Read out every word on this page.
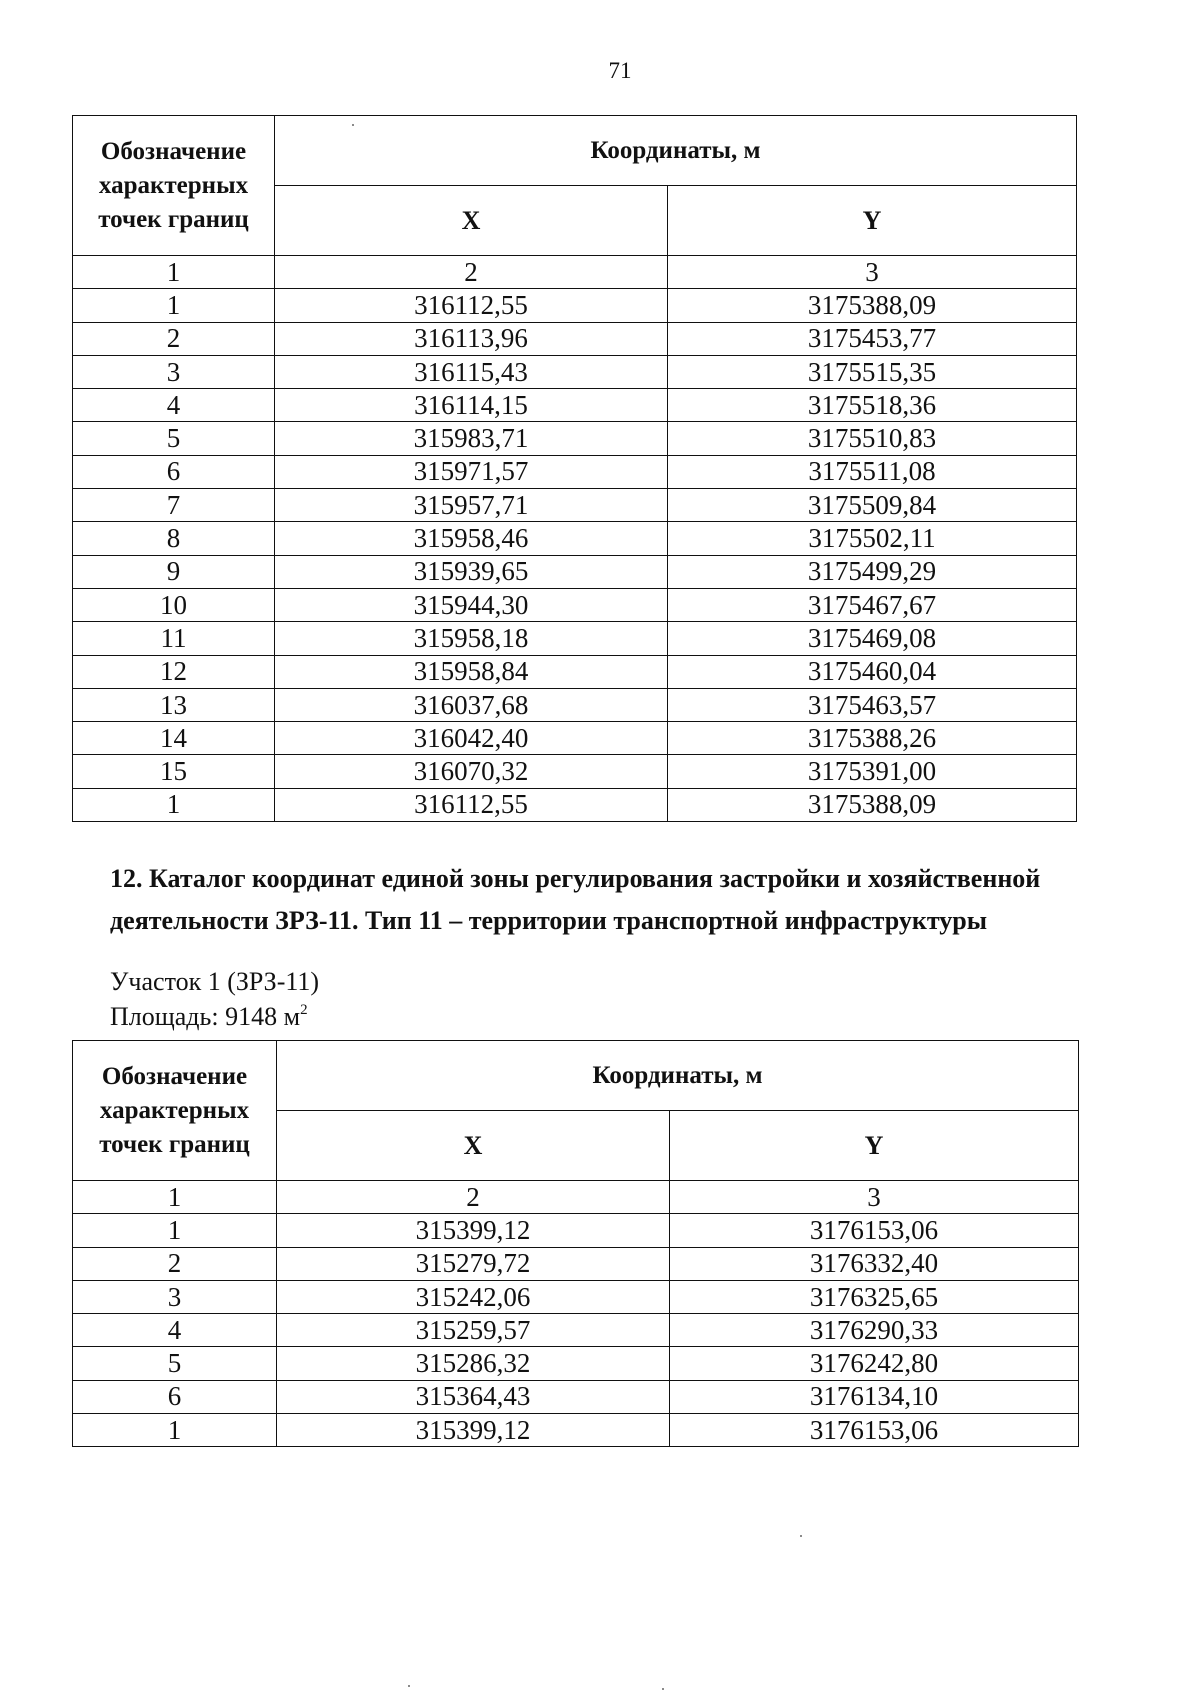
71
Обозначение характерных точек границ	Координаты, м	
	X	Y
1	2	3
1	316112,55	3175388,09
2	316113,96	3175453,77
3	316115,43	3175515,35
4	316114,15	3175518,36
5	315983,71	3175510,83
6	315971,57	3175511,08
7	315957,71	3175509,84
8	315958,46	3175502,11
9	315939,65	3175499,29
10	315944,30	3175467,67
11	315958,18	3175469,08
12	315958,84	3175460,04
13	316037,68	3175463,57
14	316042,40	3175388,26
15	316070,32	3175391,00
1	316112,55	3175388,09
12. Каталог координат единой зоны регулирования застройки и хозяйственной деятельности ЗРЗ-11. Тип 11 – территории транспортной инфраструктуры
Участок 1 (ЗРЗ-11)
Площадь: 9148 $м^2$
Обозначение характерных точек границ	Координаты, м	
	X	Y
1	2	3
1	315399,12	3176153,06
2	315279,72	3176332,40
3	315242,06	3176325,65
4	315259,57	3176290,33
5	315286,32	3176242,80
6	315364,43	3176134,10
1	315399,12	3176153,06
